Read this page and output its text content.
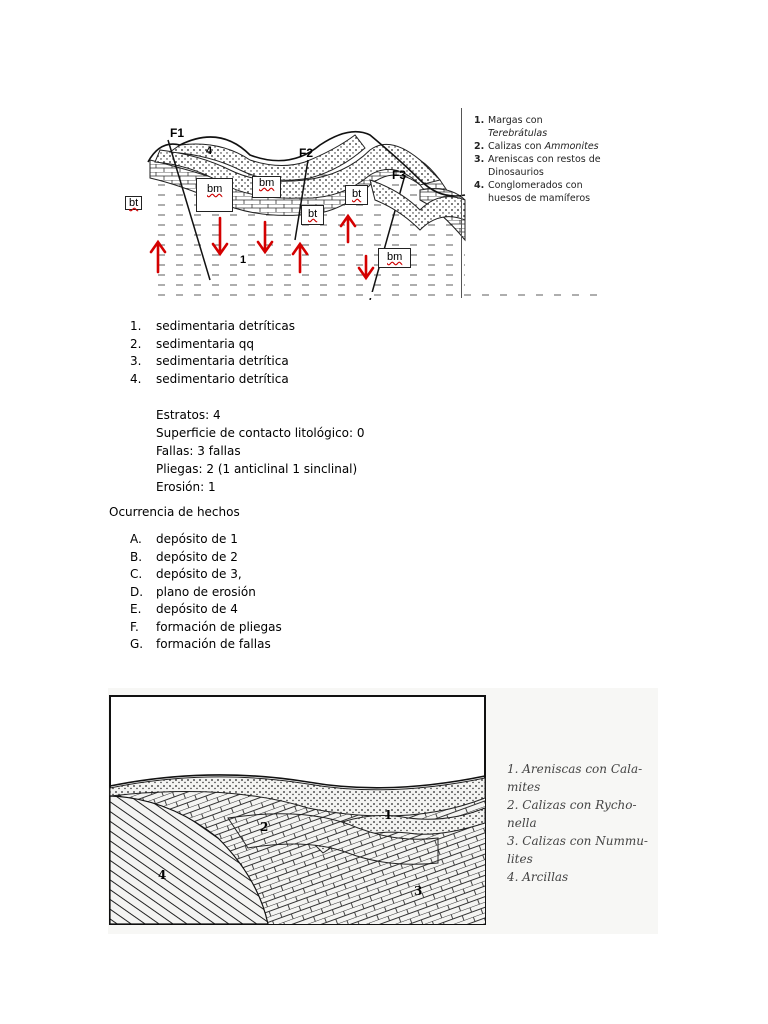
F1
F2
F3
4
1
bt
bm	bm
bt
bt
bm
1. Margas con
Terebrátulas
2. Calizas con Ammonites
3. Areniscas con restos de Dinosaurios
4. Conglomerados con huesos de mamíferos
1.	sedimentaria detríticas
2.	sedimentaria qq
3.	sedimentaria detrítica
4.	sedimentario detrítica
Estratos: 4
Superficie de contacto litológico: 0
Fallas: 3 fallas
Pliegas: 2 (1 anticlinal 1 sinclinal)
Erosión: 1
Ocurrencia de hechos
A.	depósito de 1
B.	depósito de 2
C.	depósito de 3,
D.	plano de erosión
E.	depósito de 4
F.	formación de pliegas
G.	formación de fallas
4
2
1
3
1. Areniscas con Cala-
mites
2. Calizas con Rycho-
nella
3. Calizas con Nummu-
lites
4. Arcillas
